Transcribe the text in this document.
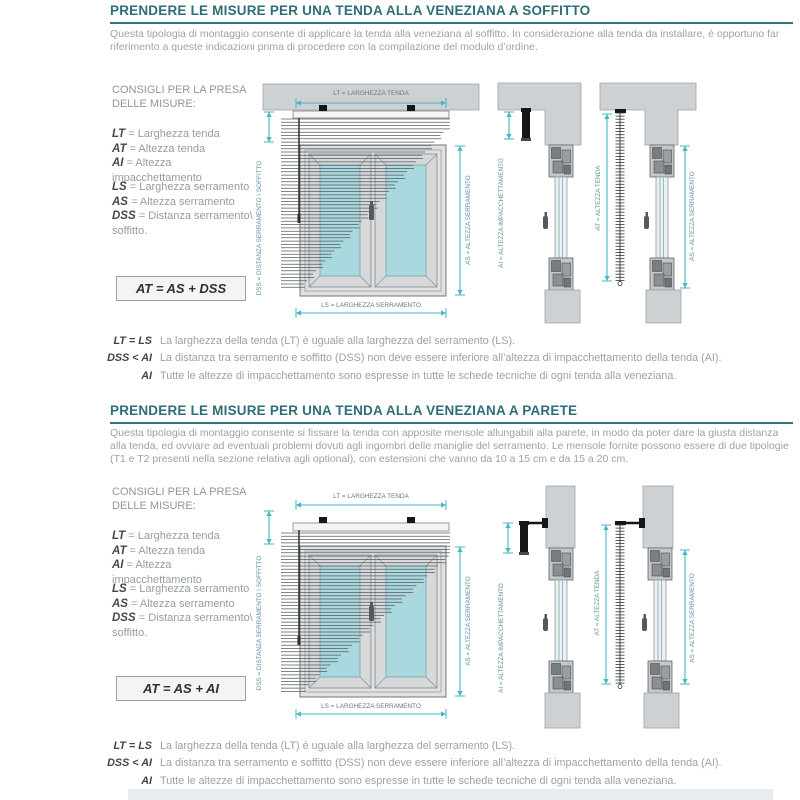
PRENDERE LE MISURE PER UNA TENDA ALLA VENEZIANA A SOFFITTO
Questa tipologia di montaggio consente di applicare la tenda alla veneziana al soffitto. In considerazione alla tenda da installare, è opportuno far riferimento a queste indicazioni prima di procedere con la compilazione del modulo d’ordine.
CONSIGLI PER LA PRESA DELLE MISURE:
LT = Larghezza tenda
AT = Altezza tenda
AI = Altezza impacchettamento
LS = Larghezza serramento
AS = Altezza serramento
DSS = Distanza serramento\ soffitto.
AT = AS + DSS
LT = LARGHEZZA TENDA
DSS = DISTANZA SERRAMENTO \ SOFFITTO	AS = ALTEZZA SERRAMENTO
LS = LARGHEZZA SERRAMENTO
AI = ALTEZZA IMPACCHETTAMENTO	AT = ALTEZZA TENDA	AS = ALTEZZA SERRAMENTO
LT = LS La larghezza della tenda (LT) è uguale alla larghezza del serramento (LS).
DSS < AI La distanza tra serramento e soffitto (DSS) non deve essere inferiore all’altezza di impacchettamento della tenda (AI).
AI Tutte le altezze di impacchettamento sono espresse in tutte le schede tecniche di ogni tenda alla veneziana.
PRENDERE LE MISURE PER UNA TENDA ALLA VENEZIANA A PARETE
Questa tipologia di montaggio consente si fissare la tenda con apposite mensole allungabili alla parete, in modo da poter dare la giusta distanza alla tenda, ed ovviare ad eventuali problemi dovuti agli ingombri delle maniglie del serramento. Le mensole fornite possono essere di due tipologie (T1 e T2 presenti nella sezione relativa agli optional), con estensioni che vanno da 10 a 15 cm e da 15 a 20 cm.
CONSIGLI PER LA PRESA DELLE MISURE:
LT = Larghezza tenda
AT = Altezza tenda
AI = Altezza impacchettamento
LS = Larghezza serramento
AS = Altezza serramento
DSS = Distanza serramento\ soffitto.
AT = AS + AI
LT = LARGHEZZA TENDA
DSS = DISTANZA SERRAMENTO \ SOFFITTO	AS = ALTEZZA SERRAMENTO
LS = LARGHEZZA SERRAMENTO
AI = ALTEZZA IMPACCHETTAMENTO	AT = ALTEZZA TENDA	AS = ALTEZZA SERRAMENTO
LT = LS La larghezza della tenda (LT) è uguale alla larghezza del serramento (LS).
DSS < AI La distanza tra serramento e soffitto (DSS) non deve essere inferiore all’altezza di impacchettamento della tenda (AI).
AI Tutte le altezze di impacchettamento sono espresse in tutte le schede tecniche di ogni tenda alla veneziana.
